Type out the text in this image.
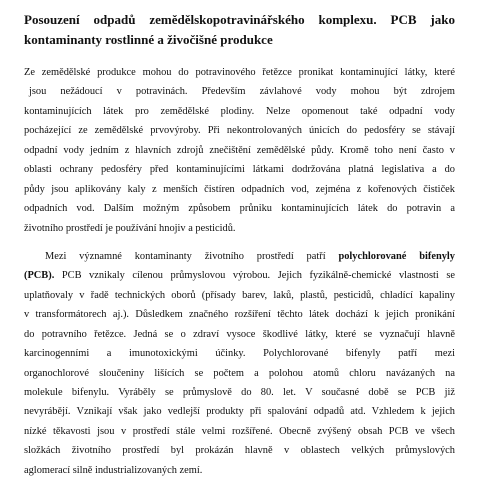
Posouzení odpadů zemědělskopotravinářského komplexu. PCB jako
kontaminanty rostlinné a živočišné produkce
Ze zemědělské produkce mohou do potravinového řetězce pronikat kontaminující látky, které
jsou nežádoucí v potravinách. Především závlahové vody mohou být zdrojem
kontaminujících látek pro zemědělské plodiny. Nelze opomenout také odpadní vody
pocházející ze zemědělské prvovýroby. Při nekontrolovaných únicích do pedosféry se stávají
odpadní vody jedním z hlavních zdrojů znečištění zemědělské půdy. Kromě toho není často v
oblasti ochrany pedosféry před kontaminujícími látkami dodržována platná legislativa a do
půdy jsou aplikovány kaly z menších čistíren odpadních vod, zejména z kořenových čističek
odpadních vod. Dalším možným způsobem průniku kontaminujících látek do potravin a
životního prostředí je používání hnojiv a pesticidů.
Mezi významné kontaminanty životního prostředí patří polychlorované bifenyly
(PCB). PCB vznikaly cílenou průmyslovou výrobou. Jejich fyzikálně-chemické vlastnosti se
uplatňovaly v řadě technických oborů (přísady barev, laků, plastů, pesticidů, chladící kapaliny
v transformátorech aj.). Důsledkem značného rozšíření těchto látek dochází k jejich pronikání
do potravního řetězce. Jedná se o zdraví vysoce škodlivé látky, které se vyznačují hlavně
karcinogenními a imunotoxickými účinky. Polychlorované bifenyly patří mezi
organochlorové sloučeniny lišících se počtem a polohou atomů chloru navázaných na
molekule bifenylu. Vyráběly se průmyslově do 80. let. V současné době se PCB již
nevyrábějí. Vznikají však jako vedlejší produkty při spalování odpadů atd. Vzhledem k jejich
nízké těkavosti jsou v prostředí stále velmi rozšířené. Obecně zvýšený obsah PCB ve všech
složkách životního prostředí byl prokázán hlavně v oblastech velkých průmyslových
aglomerací silně industrializovaných zemí.
